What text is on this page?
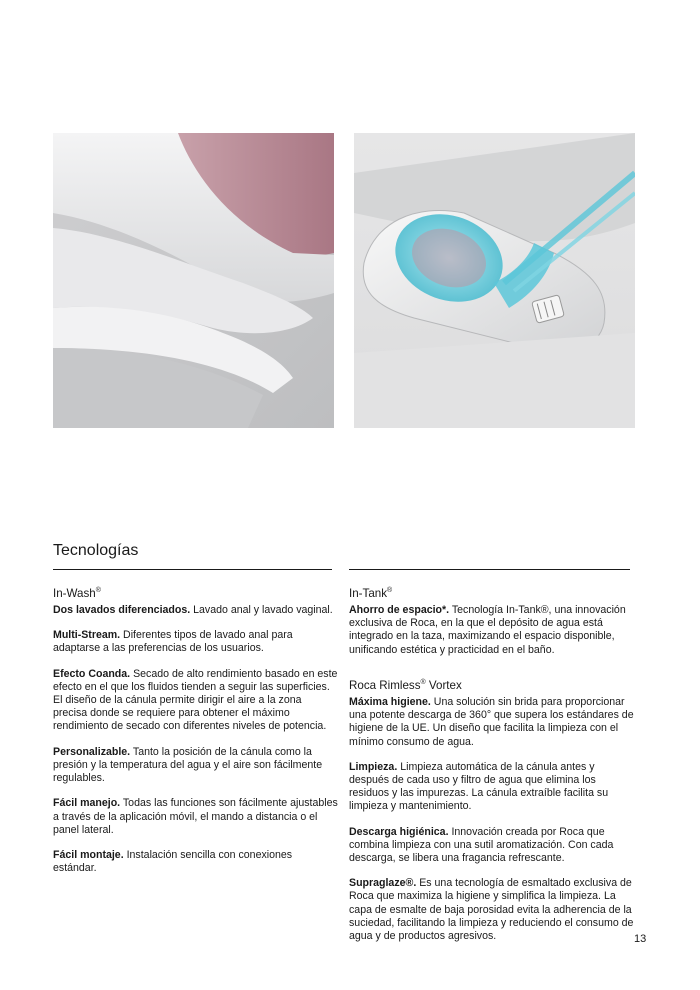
Tecnologías
In-Wash®

Dos lavados diferenciados. Lavado anal y lavado vaginal.

Multi-Stream. Diferentes tipos de lavado anal para adaptarse a las preferencias de los usuarios.

Efecto Coanda. Secado de alto rendimiento basado en este efecto en el que los fluidos tienden a seguir las superficies. El diseño de la cánula permite dirigir el aire a la zona precisa donde se requiere para obtener el máximo rendimiento de secado con diferentes niveles de potencia.

Personalizable. Tanto la posición de la cánula como la presión y la temperatura del agua y el aire son fácilmente regulables.

Fácil manejo. Todas las funciones son fácilmente ajustables a través de la aplicación móvil, el mando a distancia o el panel lateral.

Fácil montaje. Instalación sencilla con conexiones estándar.

In-Tank®

Ahorro de espacio*. Tecnología In-Tank®, una innovación exclusiva de Roca, en la que el depósito de agua está integrado en la taza, maximizando el espacio disponible, unificando estética y practicidad en el baño.

Roca Rimless® Vortex

Máxima higiene. Una solución sin brida para proporcionar una potente descarga de 360° que supera los estándares de higiene de la UE. Un diseño que facilita la limpieza con el mínimo consumo de agua.

Limpieza. Limpieza automática de la cánula antes y después de cada uso y filtro de agua que elimina los residuos y las impurezas. La cánula extraíble facilita su limpieza y mantenimiento.

Descarga higiénica. Innovación creada por Roca que combina limpieza con una sutil aromatización. Con cada descarga, se libera una fragancia refrescante.

Supraglaze®. Es una tecnología de esmaltado exclusiva de Roca que maximiza la higiene y simplifica la limpieza. La capa de esmalte de baja porosidad evita la adherencia de la suciedad, facilitando la limpieza y reduciendo el consumo de agua y de productos agresivos.	13
